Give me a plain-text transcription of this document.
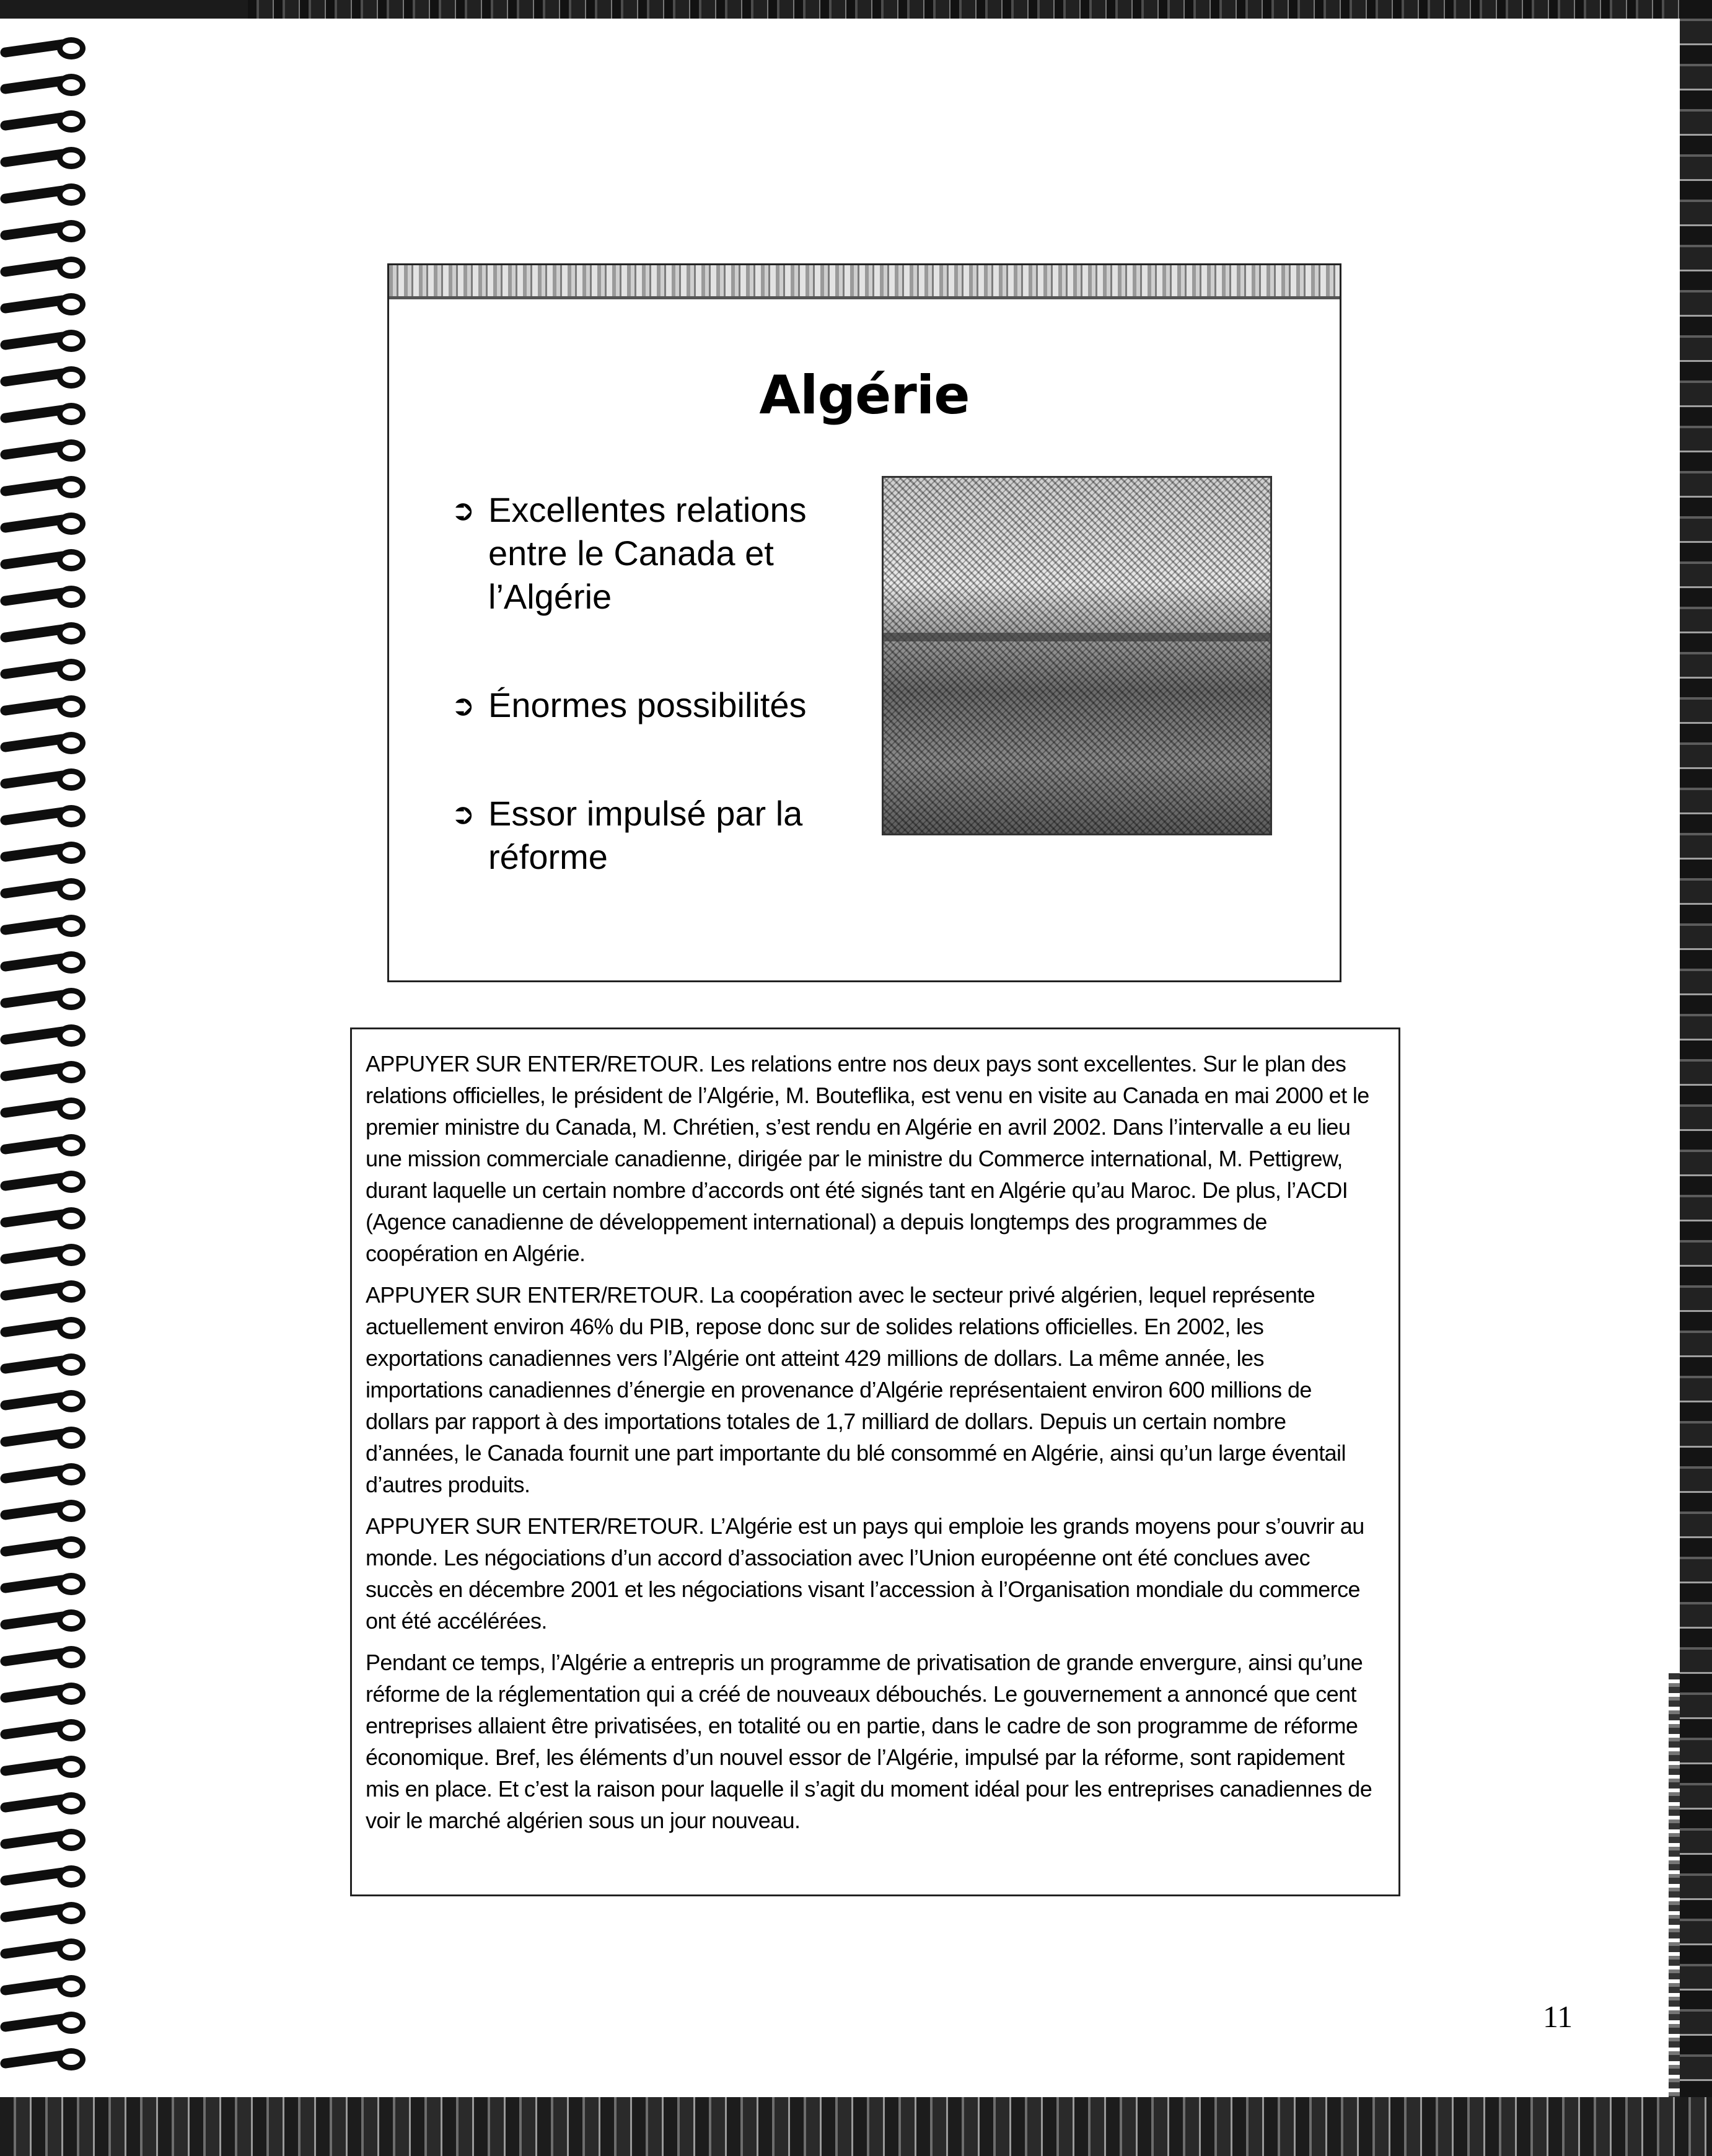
Algérie
➲ Excellentes relations entre le Canada et l’Algérie
➲ Énormes possibilités
➲ Essor impulsé par la réforme

APPUYER SUR ENTER/RETOUR. Les relations entre nos deux pays sont excellentes. Sur le plan des relations officielles, le président de l’Algérie, M. Bouteflika, est venu en visite au Canada en mai 2000 et le premier ministre du Canada, M. Chrétien, s’est rendu en Algérie en avril 2002. Dans l’intervalle a eu lieu une mission commerciale canadienne, dirigée par le ministre du Commerce international, M. Pettigrew, durant laquelle un certain nombre d’accords ont été signés tant en Algérie qu’au Maroc. De plus, l’ACDI (Agence canadienne de développement international) a depuis longtemps des programmes de coopération en Algérie.

APPUYER SUR ENTER/RETOUR. La coopération avec le secteur privé algérien, lequel représente actuellement environ 46% du PIB, repose donc sur de solides relations officielles. En 2002, les exportations canadiennes vers l’Algérie ont atteint 429 millions de dollars. La même année, les importations canadiennes d’énergie en provenance d’Algérie représentaient environ 600 millions de dollars par rapport à des importations totales de 1,7 milliard de dollars. Depuis un certain nombre d’années, le Canada fournit une part importante du blé consommé en Algérie, ainsi qu’un large éventail d’autres produits.

APPUYER SUR ENTER/RETOUR. L’Algérie est un pays qui emploie les grands moyens pour s’ouvrir au monde. Les négociations d’un accord d’association avec l’Union européenne ont été conclues avec succès en décembre 2001 et les négociations visant l’accession à l’Organisation mondiale du commerce ont été accélérées.

Pendant ce temps, l’Algérie a entrepris un programme de privatisation de grande envergure, ainsi qu’une réforme de la réglementation qui a créé de nouveaux débouchés. Le gouvernement a annoncé que cent entreprises allaient être privatisées, en totalité ou en partie, dans le cadre de son programme de réforme économique. Bref, les éléments d’un nouvel essor de l’Algérie, impulsé par la réforme, sont rapidement mis en place. Et c’est la raison pour laquelle il s’agit du moment idéal pour les entreprises canadiennes de voir le marché algérien sous un jour nouveau.

11
